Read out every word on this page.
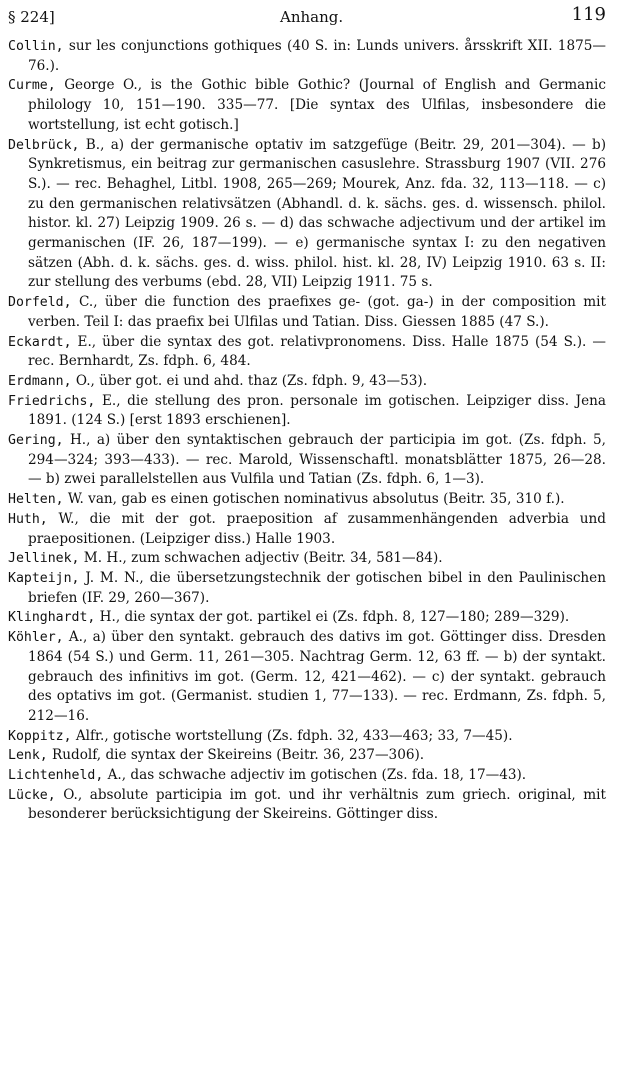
§ 224]	Anhang.	119
Collin, sur les conjunctions gothiques (40 S. in: Lunds univers. årsskrift XII. 1875—76.).
Curme, George O., is the Gothic bible Gothic? (Journal of English and Germanic philology 10, 151—190. 335—77. [Die syntax des Ulfilas, insbesondere die wortstellung, ist echt gotisch.]
Delbrück, B., a) der germanische optativ im satzgefüge (Beitr. 29, 201—304). — b) Synkretismus, ein beitrag zur germanischen casuslehre. Strassburg 1907 (VII. 276 S.). — rec. Behaghel, Litbl. 1908, 265—269; Mourek, Anz. fda. 32, 113—118. — c) zu den germanischen relativsätzen (Abhandl. d. k. sächs. ges. d. wissensch. philol. histor. kl. 27) Leipzig 1909. 26 s. — d) das schwache adjectivum und der artikel im germanischen (IF. 26, 187—199). — e) germanische syntax I: zu den negativen sätzen (Abh. d. k. sächs. ges. d. wiss. philol. hist. kl. 28, IV) Leipzig 1910. 63 s. II: zur stellung des verbums (ebd. 28, VII) Leipzig 1911. 75 s.
Dorfeld, C., über die function des praefixes ge- (got. ga-) in der composition mit verben. Teil I: das praefix bei Ulfilas und Tatian. Diss. Giessen 1885 (47 S.).
Eckardt, E., über die syntax des got. relativpronomens. Diss. Halle 1875 (54 S.). — rec. Bernhardt, Zs. fdph. 6, 484.
Erdmann, O., über got. ei und ahd. thaz (Zs. fdph. 9, 43—53).
Friedrichs, E., die stellung des pron. personale im gotischen. Leipziger diss. Jena 1891. (124 S.) [erst 1893 erschienen].
Gering, H., a) über den syntaktischen gebrauch der participia im got. (Zs. fdph. 5, 294—324; 393—433). — rec. Marold, Wissenschaftl. monatsblätter 1875, 26—28. — b) zwei parallelstellen aus Vulfila und Tatian (Zs. fdph. 6, 1—3).
Helten, W. van, gab es einen gotischen nominativus absolutus (Beitr. 35, 310 f.).
Huth, W., die mit der got. praeposition af zusammenhängenden adverbia und praepositionen. (Leipziger diss.) Halle 1903.
Jellinek, M. H., zum schwachen adjectiv (Beitr. 34, 581—84).
Kapteijn, J. M. N., die übersetzungstechnik der gotischen bibel in den Paulinischen briefen (IF. 29, 260—367).
Klinghardt, H., die syntax der got. partikel ei (Zs. fdph. 8, 127—180; 289—329).
Köhler, A., a) über den syntakt. gebrauch des dativs im got. Göttinger diss. Dresden 1864 (54 S.) und Germ. 11, 261—305. Nachtrag Germ. 12, 63 ff. — b) der syntakt. gebrauch des infinitivs im got. (Germ. 12, 421—462). — c) der syntakt. gebrauch des optativs im got. (Germanist. studien 1, 77—133). — rec. Erdmann, Zs. fdph. 5, 212—16.
Koppitz, Alfr., gotische wortstellung (Zs. fdph. 32, 433—463; 33, 7—45).
Lenk, Rudolf, die syntax der Skeireins (Beitr. 36, 237—306).
Lichtenheld, A., das schwache adjectiv im gotischen (Zs. fda. 18, 17—43).
Lücke, O., absolute participia im got. und ihr verhältnis zum griech. original, mit besonderer berücksichtigung der Skeireins. Göttinger diss.
